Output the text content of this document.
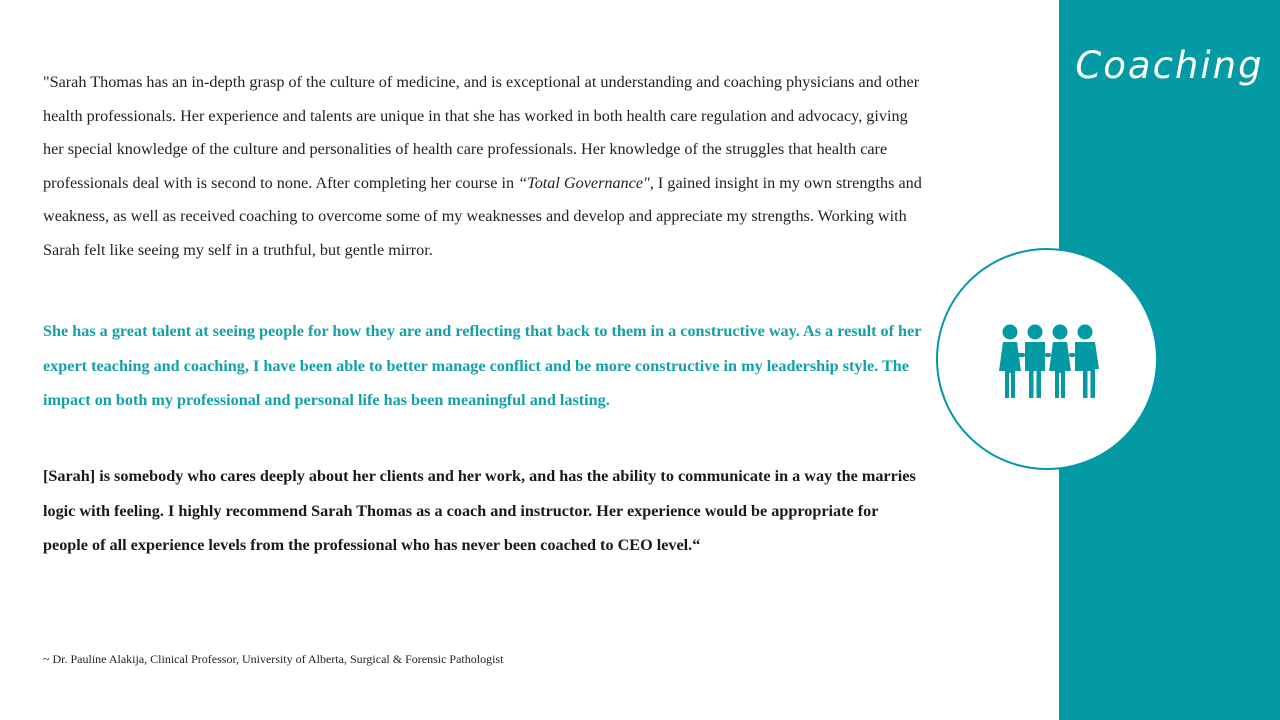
Coaching
"Sarah Thomas has an in-depth grasp of the culture of medicine, and is exceptional at understanding and coaching physicians and other health professionals. Her experience and talents are unique in that she has worked in both health care regulation and advocacy, giving her special knowledge of the culture and personalities of health care professionals. Her knowledge of the struggles that health care professionals deal with is second to none. After completing her course in “Total Governance", I gained insight in my own strengths and weakness, as well as received coaching to overcome some of my weaknesses and develop and appreciate my strengths. Working with Sarah felt like seeing my self in a truthful, but gentle mirror.
She has a great talent at seeing people for how they are and reflecting that back to them in a constructive way. As a result of her expert teaching and coaching, I have been able to better manage conflict and be more constructive in my leadership style. The impact on both my professional and personal life has been meaningful and lasting.
[Sarah] is somebody who cares deeply about her clients and her work, and has the ability to communicate in a way the marries logic with feeling. I highly recommend Sarah Thomas as a coach and instructor. Her experience would be appropriate for people of all experience levels from the professional who has never been coached to CEO level.“
~ Dr. Pauline Alakija, Clinical Professor, University of Alberta, Surgical & Forensic Pathologist
